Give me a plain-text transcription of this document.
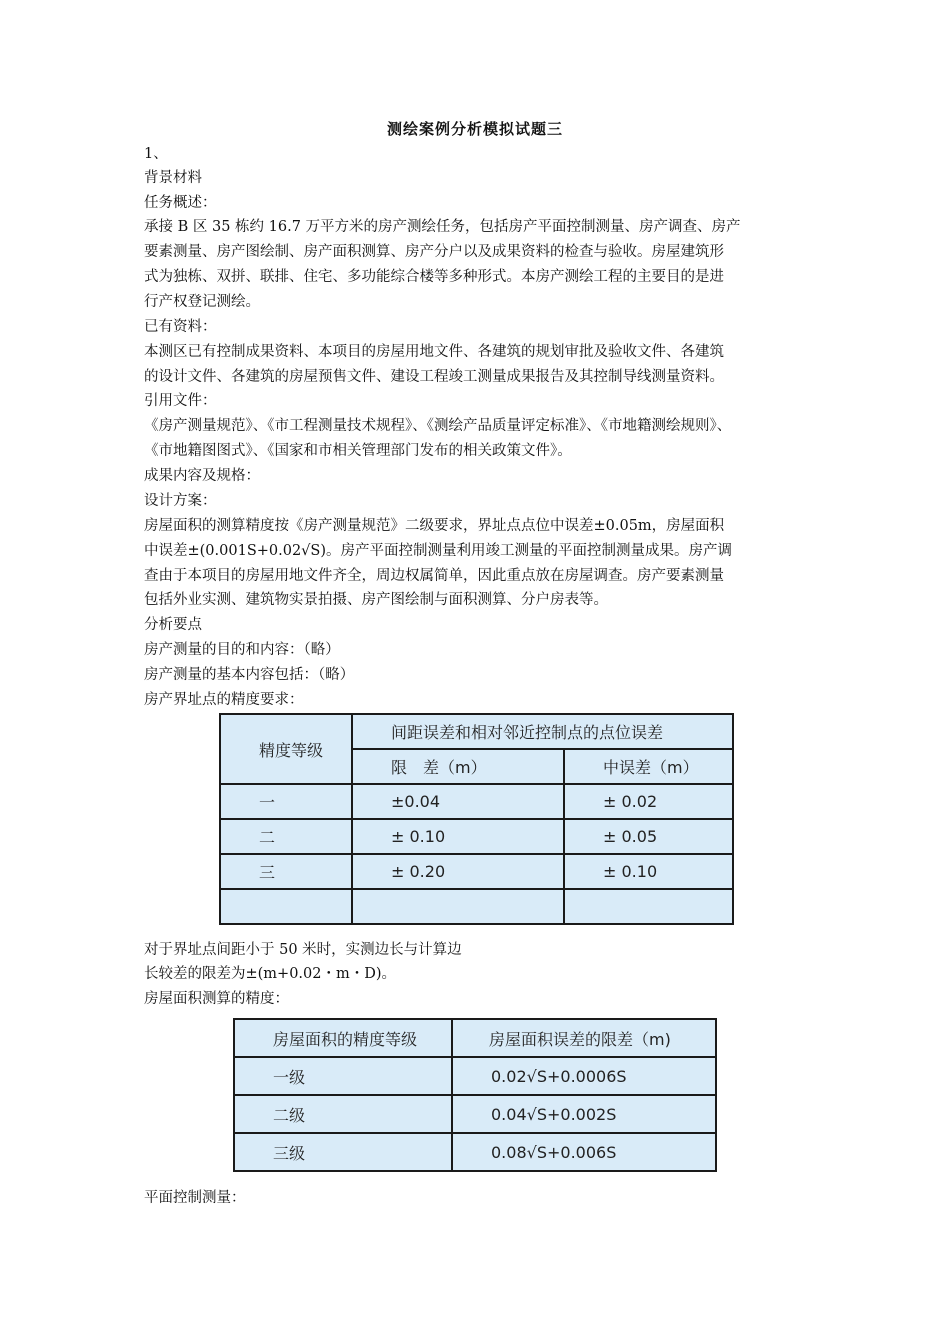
测绘案例分析模拟试题三
1、
背景材料
任务概述：
承接 B 区 35 栋约 16.7 万平方米的房产测绘任务，包括房产平面控制测量、房产调查、房产
要素测量、房产图绘制、房产面积测算、房产分户以及成果资料的检查与验收。房屋建筑形
式为独栋、双拼、联排、住宅、多功能综合楼等多种形式。本房产测绘工程的主要目的是进
行产权登记测绘。
已有资料：
本测区已有控制成果资料、本项目的房屋用地文件、各建筑的规划审批及验收文件、各建筑
的设计文件、各建筑的房屋预售文件、建设工程竣工测量成果报告及其控制导线测量资料。
引用文件：
《房产测量规范》、《市工程测量技术规程》、《测绘产品质量评定标准》、《市地籍测绘规则》、
《市地籍图图式》、《国家和市相关管理部门发布的相关政策文件》。
成果内容及规格：
设计方案：
房屋面积的测算精度按《房产测量规范》二级要求，界址点点位中误差±0.05m，房屋面积
中误差±(0.001S+0.02√S)。房产平面控制测量利用竣工测量的平面控制测量成果。房产调
查由于本项目的房屋用地文件齐全，周边权属简单，因此重点放在房屋调查。房产要素测量
包括外业实测、建筑物实景拍摄、房产图绘制与面积测算、分户房表等。
分析要点
房产测量的目的和内容：（略）
房产测量的基本内容包括：（略）
房产界址点的精度要求：
精度等级	间距误差和相对邻近控制点的点位误差	
	限　差（m）	中误差（m）
一	±0.04	± 0.02
二	± 0.10	± 0.05
三	± 0.20	± 0.10

对于界址点间距小于 50 米时，实测边长与计算边
长较差的限差为±(m+0.02・m・D)。
房屋面积测算的精度：
房屋面积的精度等级	房屋面积误差的限差（m)
一级	0.02√S+0.0006S
二级	0.04√S+0.002S
三级	0.08√S+0.006S
平面控制测量：
